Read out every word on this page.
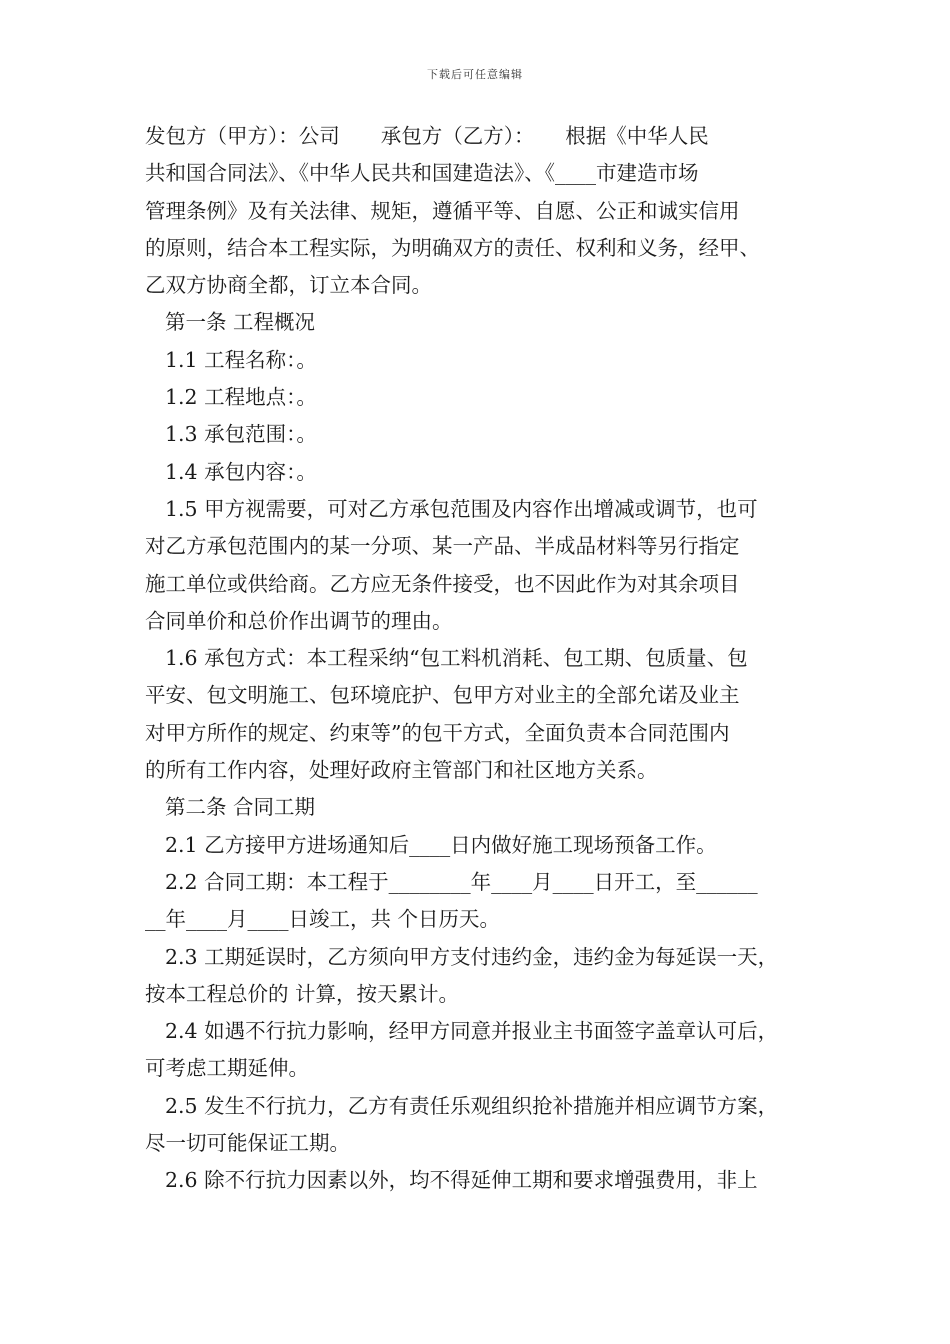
下载后可任意编辑

发包方（甲方）：公司　　承包方（乙方）：　　根据《中华人民
共和国合同法》、《中华人民共和国建造法》、《____市建造市场
管理条例》及有关法律、规矩，遵循平等、自愿、公正和诚实信用
的原则，结合本工程实际，为明确双方的责任、权利和义务，经甲、
乙双方协商全都，订立本合同。

第一条 工程概况

1.1 工程名称：。

1.2 工程地点：。

1.3 承包范围：。

1.4 承包内容：。

1.5 甲方视需要，可对乙方承包范围及内容作出增减或调节，也可
对乙方承包范围内的某一分项、某一产品、半成品材料等另行指定
施工单位或供给商。乙方应无条件接受，也不因此作为对其余项目
合同单价和总价作出调节的理由。

1.6 承包方式：本工程采纳“包工料机消耗、包工期、包质量、包
平安、包文明施工、包环境庇护、包甲方对业主的全部允诺及业主
对甲方所作的规定、约束等”的包干方式，全面负责本合同范围内
的所有工作内容，处理好政府主管部门和社区地方关系。

第二条 合同工期

2.1 乙方接甲方进场通知后____日内做好施工现场预备工作。

2.2 合同工期：本工程于________年____月____日开工，至______
__年____月____日竣工，共 个日历天。

2.3 工期延误时，乙方须向甲方支付违约金，违约金为每延误一天，
按本工程总价的 计算，按天累计。

2.4 如遇不行抗力影响，经甲方同意并报业主书面签字盖章认可后，
可考虑工期延伸。

2.5 发生不行抗力，乙方有责任乐观组织抢补措施并相应调节方案，
尽一切可能保证工期。

2.6 除不行抗力因素以外，均不得延伸工期和要求增强费用，非上
